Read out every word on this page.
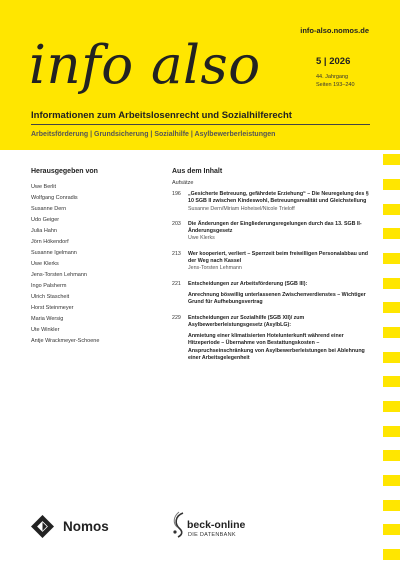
info-also.nomos.de
info also	5 | 2026
44. Jahrgang
Seiten 193–240
Informationen zum Arbeitslosenrecht und Sozialhilferecht
Arbeitsförderung | Grundsicherung | Sozialhilfe | Asylbewerberleistungen
Herausgegeben von
Uwe Berlit
Wolfgang Conradis
Susanne Dern
Udo Geiger
Julia Hahn
Jörn Hökendorf
Susanne Igelmann
Uwe Klerks
Jens-Torsten Lehmann
Ingo Palsherm
Ulrich Stascheit
Horst Steinmeyer
Maria Wersig
Ute Winkler
Antje Wrackmeyer-Schoene
Aus dem Inhalt
Aufsätze
196 „Gesicherte Betreuung, gefährdete Erziehung“ – Die Neuregelung des § 10 SGB II zwischen Kindeswohl, Betreuungsrealität und Gleichstellung
Susanne Dern/Miriam Hoheisel/Nicole Trieloff
203 Die Änderungen der Eingliederungsregelungen durch das 13. SGB II-Änderungsgesetz
Uwe Klerks
213 Wer kooperiert, verliert – Sperrzeit beim freiwilligen Personalabbau und der Weg nach Kassel
Jens-Torsten Lehmann
221 Entscheidungen zur Arbeitsförderung (SGB III):
Anrechnung böswillig unterlassenen Zwischenverdienstes – Wichtiger Grund für Aufhebungsvertrag
229 Entscheidungen zur Sozialhilfe (SGB XII)/ zum Asylbewerberleistungsgesetz (AsylbLG):
Anmietung einer klimatisierten Hotelunterkunft während einer Hitzeperiode – Übernahme von Bestattungskosten – Anspruchseinschränkung von Asylbewerberleistungen bei Ablehnung einer Arbeitsgelegenheit
Nomos	beck-online
DIE DATENBANK
